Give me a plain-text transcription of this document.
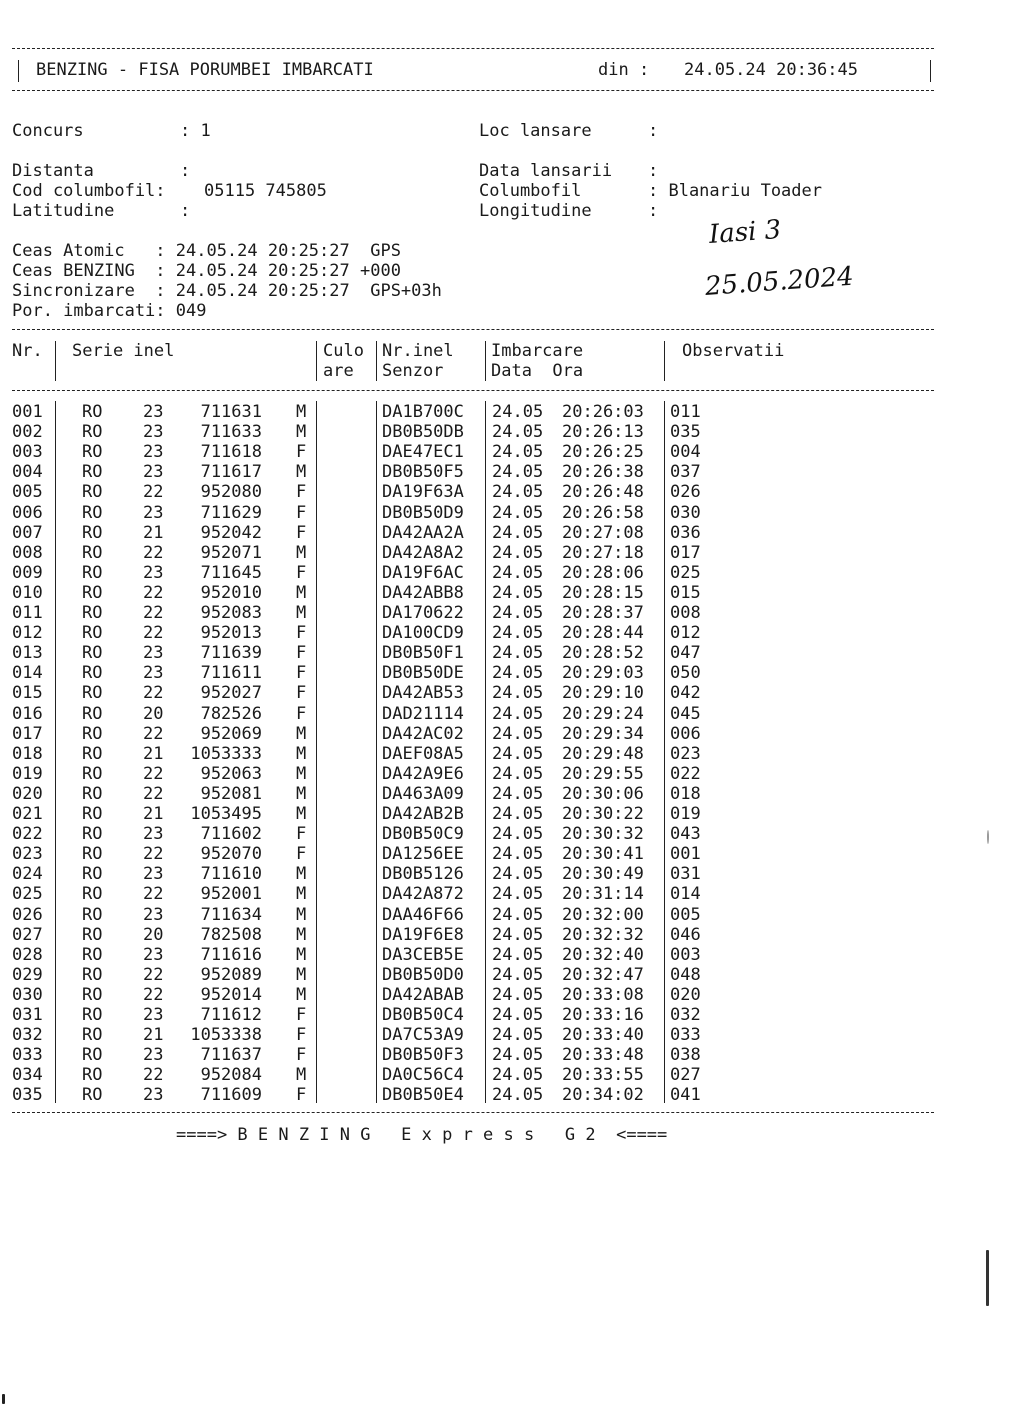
BENZING - FISA PORUMBEI IMBARCATI	din : 24.05.24 20:36:45
Concurs	: 1	Loc lansare	:
Distanta	:	Data lansarii :
Cod columbofil: 05115 745805	Columbofil	: Blanariu Toader
Latitudine	:	Longitudine	:
Ceas Atomic   : 24.05.24 20:25:27  GPS
Ceas BENZING  : 24.05.24 20:25:27 +000
Sincronizare  : 24.05.24 20:25:27  GPS+03h
Por. imbarcati: 049
Iasi 3
25.05.2024
Nr. Serie inel	Culo
are
Nr.inel
Senzor
Imbarcare
Data  Ora
Observatii
001 RO 23	711631 M	DA1B700C 24.05 20:26:03 011
002 RO 23	711633 M	DB0B50DB 24.05 20:26:13 035
003 RO 23	711618 F	DAE47EC1 24.05 20:26:25 004
004 RO 23	711617 M	DB0B50F5 24.05 20:26:38 037
005 RO 22	952080 F	DA19F63A 24.05 20:26:48 026
006 RO 23	711629 F	DB0B50D9 24.05 20:26:58 030
007 RO 21	952042 F	DA42AA2A 24.05 20:27:08 036
008 RO 22	952071 M	DA42A8A2 24.05 20:27:18 017
009 RO 23	711645 F	DA19F6AC 24.05 20:28:06 025
010 RO 22	952010 M	DA42ABB8 24.05 20:28:15 015
011 RO 22	952083 M	DA170622 24.05 20:28:37 008
012 RO 22	952013 F	DA100CD9 24.05 20:28:44 012
013 RO 23	711639 F	DB0B50F1 24.05 20:28:52 047
014 RO 23	711611 F	DB0B50DE 24.05 20:29:03 050
015 RO 22	952027 F	DA42AB53 24.05 20:29:10 042
016 RO 20	782526 F	DAD21114 24.05 20:29:24 045
017 RO 22	952069 M	DA42AC02 24.05 20:29:34 006
018 RO 21	1053333 M	DAEF08A5 24.05 20:29:48 023
019 RO 22	952063 M	DA42A9E6 24.05 20:29:55 022
020 RO 22	952081 M	DA463A09 24.05 20:30:06 018
021 RO 21	1053495 M	DA42AB2B 24.05 20:30:22 019
022 RO 23	711602 F	DB0B50C9 24.05 20:30:32 043
023 RO 22	952070 F	DA1256EE 24.05 20:30:41 001
024 RO 23	711610 M	DB0B5126 24.05 20:30:49 031
025 RO 22	952001 M	DA42A872 24.05 20:31:14 014
026 RO 23	711634 M	DAA46F66 24.05 20:32:00 005
027 RO 20	782508 M	DA19F6E8 24.05 20:32:32 046
028 RO 23	711616 M	DA3CEB5E 24.05 20:32:40 003
029 RO 22	952089 M	DB0B50D0 24.05 20:32:47 048
030 RO 22	952014 M	DA42ABAB 24.05 20:33:08 020
031 RO 23	711612 F	DB0B50C4 24.05 20:33:16 032
032 RO 21	1053338 F	DA7C53A9 24.05 20:33:40 033
033 RO 23	711637 F	DB0B50F3 24.05 20:33:48 038
034 RO 22	952084 M	DA0C56C4 24.05 20:33:55 027
035 RO 23	711609 F	DB0B50E4 24.05 20:34:02 041
====> B E N Z I N G   E x p r e s s   G 2  <====
